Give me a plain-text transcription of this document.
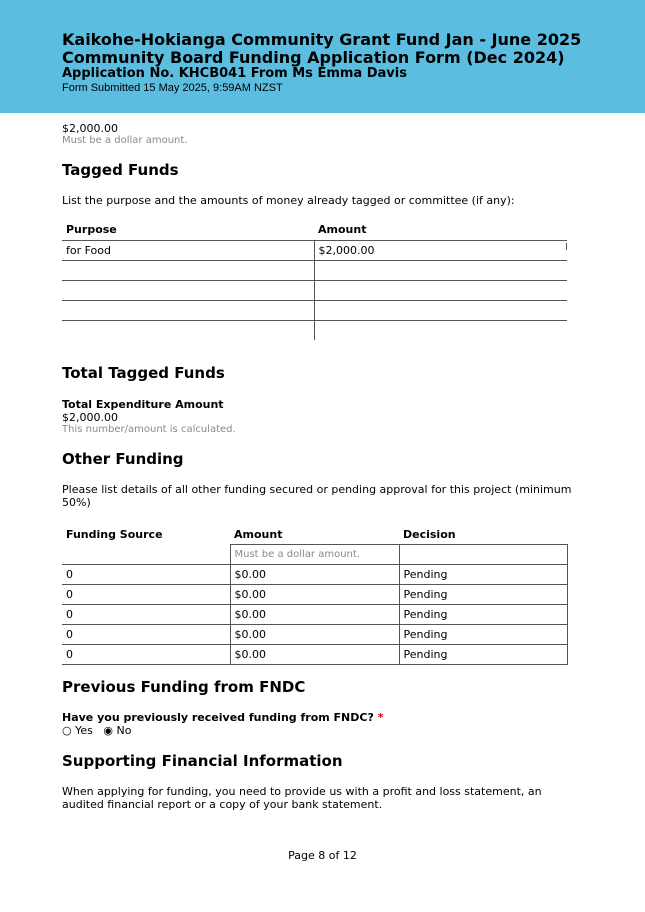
Kaikohe-Hokianga Community Grant Fund Jan - June 2025
Community Board Funding Application Form (Dec 2024)
Application No. KHCB041 From Ms Emma Davis
Form Submitted 15 May 2025, 9:59AM NZST
$2,000.00
Must be a dollar amount.
Tagged Funds
List the purpose and the amounts of money already tagged or committee (if any):
Purpose	Amount
for Food	$2,000.00

Total Tagged Funds
Total Expenditure Amount
$2,000.00
This number/amount is calculated.
Other Funding
Please list details of all other funding secured or pending approval for this project (minimum 50%)
Funding Source	Amount	Decision
	Must be a dollar amount.	
0	$0.00	Pending
0	$0.00	Pending
0	$0.00	Pending
0	$0.00	Pending
0	$0.00	Pending
Previous Funding from FNDC
Have you previously received funding from FNDC? *
○ Yes ◉ No
Supporting Financial Information
When applying for funding, you need to provide us with a profit and loss statement, an audited financial report or a copy of your bank statement.
Page 8 of 12
